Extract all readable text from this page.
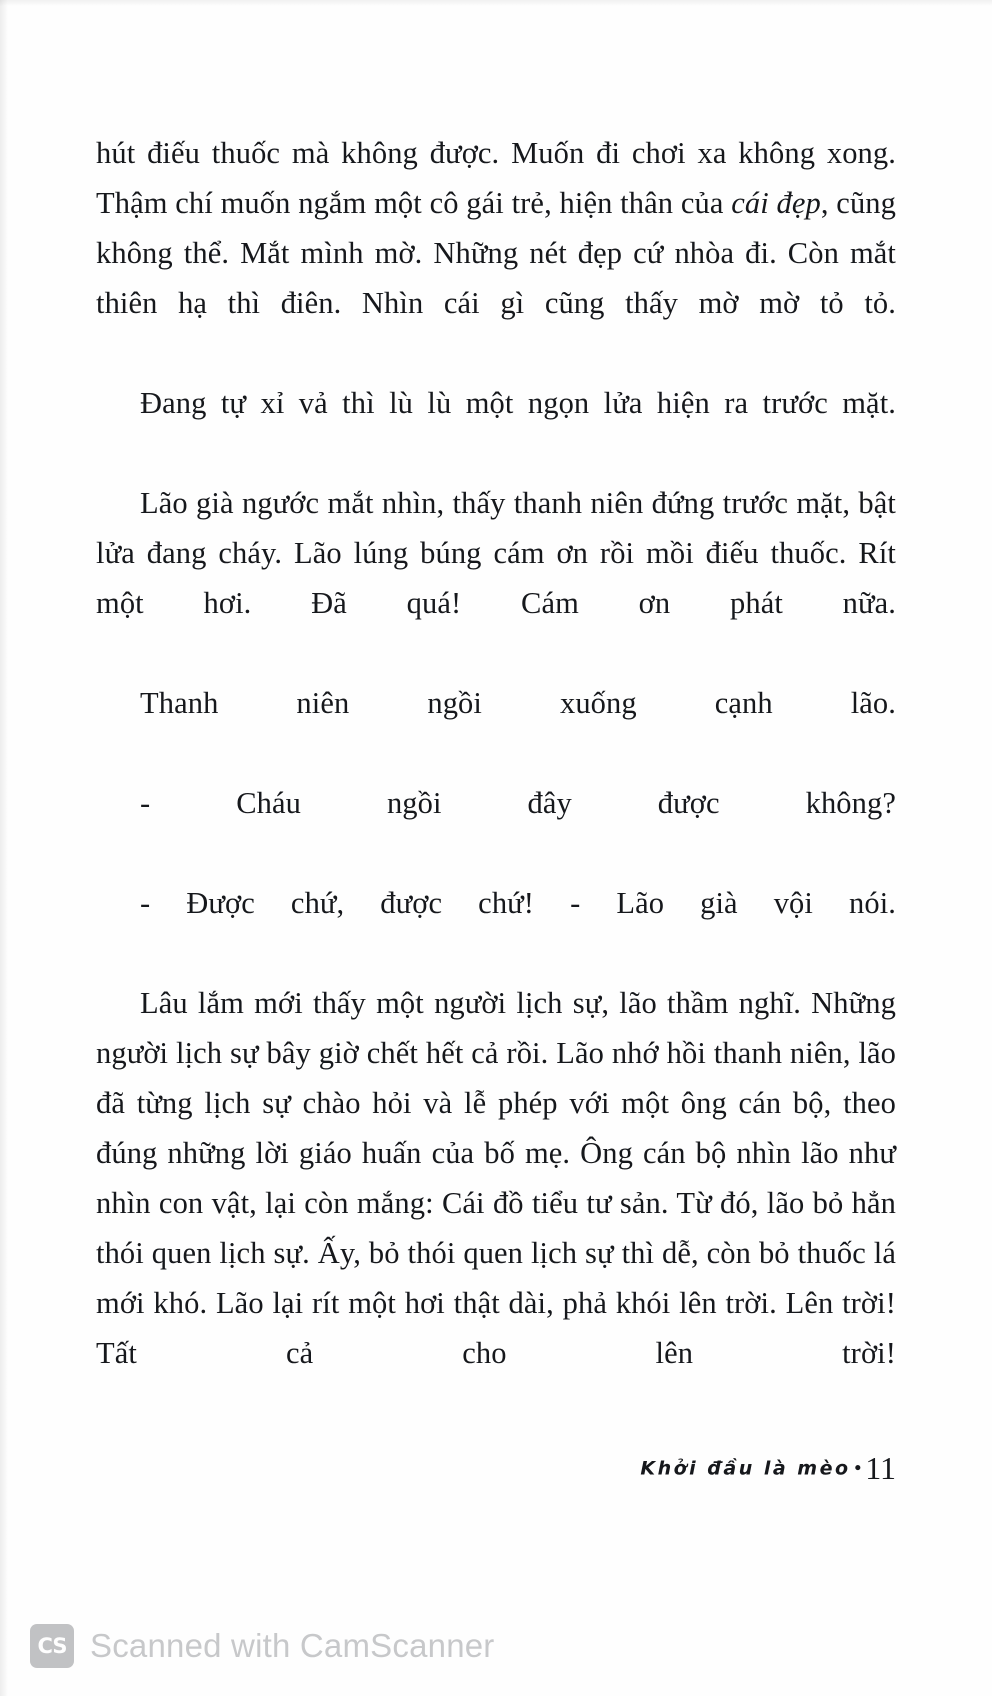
hút điếu thuốc mà không được. Muốn đi chơi xa không xong. Thậm chí muốn ngắm một cô gái trẻ, hiện thân của cái đẹp, cũng không thể. Mắt mình mờ. Những nét đẹp cứ nhòa đi. Còn mắt thiên hạ thì điên. Nhìn cái gì cũng thấy mờ mờ tỏ tỏ.

Đang tự xỉ vả thì lù lù một ngọn lửa hiện ra trước mặt.

Lão già ngước mắt nhìn, thấy thanh niên đứng trước mặt, bật lửa đang cháy. Lão lúng búng cám ơn rồi mồi điếu thuốc. Rít một hơi. Đã quá! Cám ơn phát nữa.

Thanh niên ngồi xuống cạnh lão.

- Cháu ngồi đây được không?

- Được chứ, được chứ! - Lão già vội nói.

Lâu lắm mới thấy một người lịch sự, lão thầm nghĩ. Những người lịch sự bây giờ chết hết cả rồi. Lão nhớ hồi thanh niên, lão đã từng lịch sự chào hỏi và lễ phép với một ông cán bộ, theo đúng những lời giáo huấn của bố mẹ. Ông cán bộ nhìn lão như nhìn con vật, lại còn mắng: Cái đồ tiểu tư sản. Từ đó, lão bỏ hẳn thói quen lịch sự. Ấy, bỏ thói quen lịch sự thì dễ, còn bỏ thuốc lá mới khó. Lão lại rít một hơi thật dài, phả khói lên trời. Lên trời! Tất cả cho lên trời!

Khởi đầu là mèo • 11
CS Scanned with CamScanner
